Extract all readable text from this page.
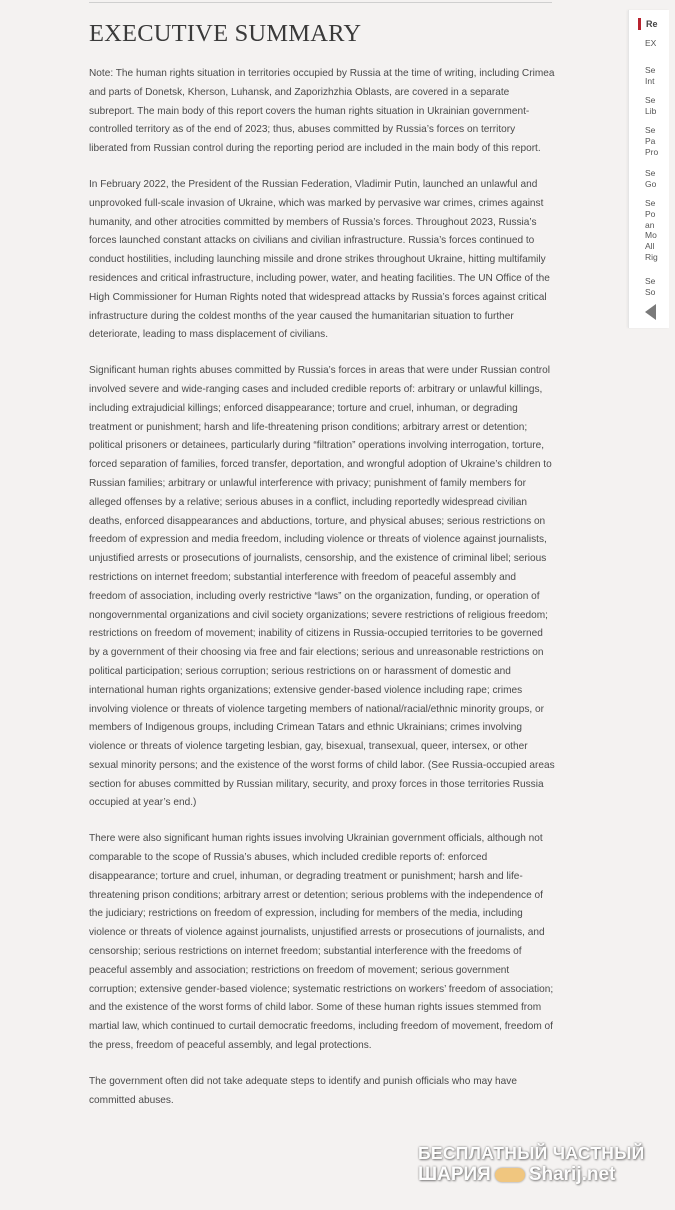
EXECUTIVE SUMMARY

Note: The human rights situation in territories occupied by Russia at the time of writing, including Crimea and parts of Donetsk, Kherson, Luhansk, and Zaporizhzhia Oblasts, are covered in a separate subreport. The main body of this report covers the human rights situation in Ukrainian government-controlled territory as of the end of 2023; thus, abuses committed by Russia’s forces on territory liberated from Russian control during the reporting period are included in the main body of this report.

In February 2022, the President of the Russian Federation, Vladimir Putin, launched an unlawful and unprovoked full-scale invasion of Ukraine, which was marked by pervasive war crimes, crimes against humanity, and other atrocities committed by members of Russia’s forces. Throughout 2023, Russia’s forces launched constant attacks on civilians and civilian infrastructure. Russia’s forces continued to conduct hostilities, including launching missile and drone strikes throughout Ukraine, hitting multifamily residences and critical infrastructure, including power, water, and heating facilities. The UN Office of the High Commissioner for Human Rights noted that widespread attacks by Russia’s forces against critical infrastructure during the coldest months of the year caused the humanitarian situation to further deteriorate, leading to mass displacement of civilians.

Significant human rights abuses committed by Russia’s forces in areas that were under Russian control involved severe and wide-ranging cases and included credible reports of: arbitrary or unlawful killings, including extrajudicial killings; enforced disappearance; torture and cruel, inhuman, or degrading treatment or punishment; harsh and life-threatening prison conditions; arbitrary arrest or detention; political prisoners or detainees, particularly during “filtration” operations involving interrogation, torture, forced separation of families, forced transfer, deportation, and wrongful adoption of Ukraine’s children to Russian families; arbitrary or unlawful interference with privacy; punishment of family members for alleged offenses by a relative; serious abuses in a conflict, including reportedly widespread civilian deaths, enforced disappearances and abductions, torture, and physical abuses; serious restrictions on freedom of expression and media freedom, including violence or threats of violence against journalists, unjustified arrests or prosecutions of journalists, censorship, and the existence of criminal libel; serious restrictions on internet freedom; substantial interference with freedom of peaceful assembly and freedom of association, including overly restrictive “laws” on the organization, funding, or operation of nongovernmental organizations and civil society organizations; severe restrictions of religious freedom; restrictions on freedom of movement; inability of citizens in Russia-occupied territories to be governed by a government of their choosing via free and fair elections; serious and unreasonable restrictions on political participation; serious corruption; serious restrictions on or harassment of domestic and international human rights organizations; extensive gender-based violence including rape; crimes involving violence or threats of violence targeting members of national/racial/ethnic minority groups, or members of Indigenous groups, including Crimean Tatars and ethnic Ukrainians; crimes involving violence or threats of violence targeting lesbian, gay, bisexual, transexual, queer, intersex, or other sexual minority persons; and the existence of the worst forms of child labor. (See Russia-occupied areas section for abuses committed by Russian military, security, and proxy forces in those territories Russia occupied at year’s end.)

There were also significant human rights issues involving Ukrainian government officials, although not comparable to the scope of Russia’s abuses, which included credible reports of: enforced disappearance; torture and cruel, inhuman, or degrading treatment or punishment; harsh and life-threatening prison conditions; arbitrary arrest or detention; serious problems with the independence of the judiciary; restrictions on freedom of expression, including for members of the media, including violence or threats of violence against journalists, unjustified arrests or prosecutions of journalists, and censorship; serious restrictions on internet freedom; substantial interference with the freedoms of peaceful assembly and association; restrictions on freedom of movement; serious government corruption; extensive gender-based violence; systematic restrictions on workers’ freedom of association; and the existence of the worst forms of child labor. Some of these human rights issues stemmed from martial law, which continued to curtail democratic freedoms, including freedom of movement, freedom of the press, freedom of peaceful assembly, and legal protections.

The government often did not take adequate steps to identify and punish officials who may have committed abuses.

Re
EX
Se
Int
Se
Lib
Se
Pa
Pro
Se
Go
Se
Po
an
Mo
All
Rig
Se
So
БЕСПЛАТНЫЙ ЧАСТНЫЙ
ШАРИЯ Sharij.net
